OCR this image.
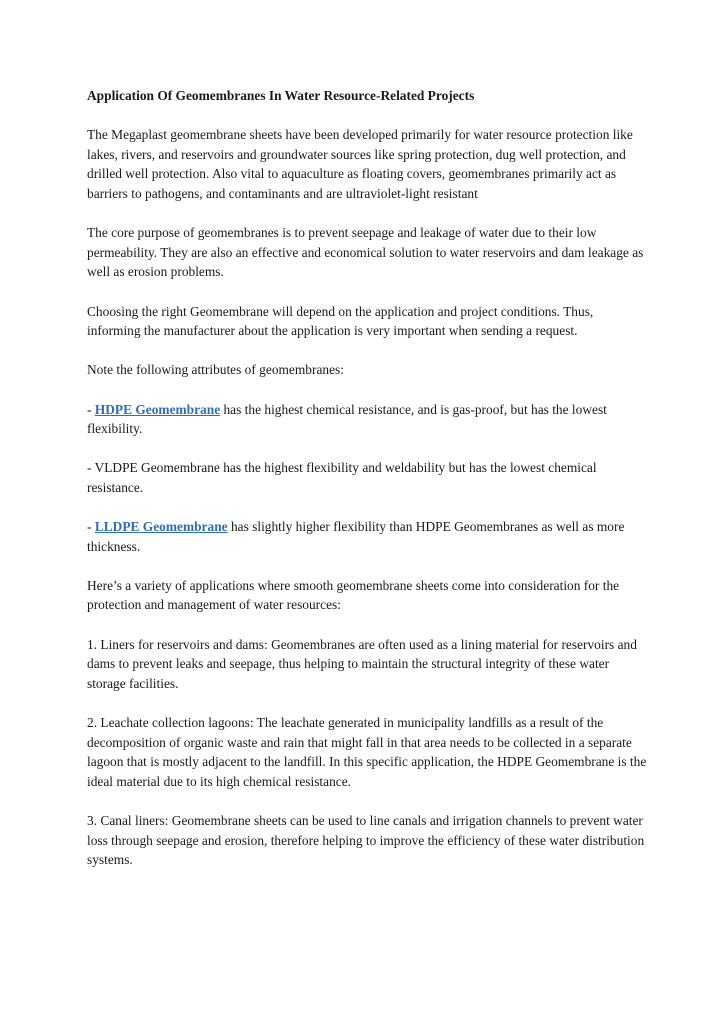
Application Of Geomembranes In Water Resource-Related Projects

The Megaplast geomembrane sheets have been developed primarily for water resource protection like lakes, rivers, and reservoirs and groundwater sources like spring protection, dug well protection, and drilled well protection. Also vital to aquaculture as floating covers, geomembranes primarily act as barriers to pathogens, and contaminants and are ultraviolet-light resistant

The core purpose of geomembranes is to prevent seepage and leakage of water due to their low permeability. They are also an effective and economical solution to water reservoirs and dam leakage as well as erosion problems.

Choosing the right Geomembrane will depend on the application and project conditions. Thus, informing the manufacturer about the application is very important when sending a request.

Note the following attributes of geomembranes:

- HDPE Geomembrane has the highest chemical resistance, and is gas-proof, but has the lowest flexibility.

- VLDPE Geomembrane has the highest flexibility and weldability but has the lowest chemical resistance.

- LLDPE Geomembrane has slightly higher flexibility than HDPE Geomembranes as well as more thickness.

Here’s a variety of applications where smooth geomembrane sheets come into consideration for the protection and management of water resources:

1. Liners for reservoirs and dams: Geomembranes are often used as a lining material for reservoirs and dams to prevent leaks and seepage, thus helping to maintain the structural integrity of these water storage facilities.

2. Leachate collection lagoons: The leachate generated in municipality landfills as a result of the decomposition of organic waste and rain that might fall in that area needs to be collected in a separate lagoon that is mostly adjacent to the landfill. In this specific application, the HDPE Geomembrane is the ideal material due to its high chemical resistance.

3. Canal liners: Geomembrane sheets can be used to line canals and irrigation channels to prevent water loss through seepage and erosion, therefore helping to improve the efficiency of these water distribution systems.
